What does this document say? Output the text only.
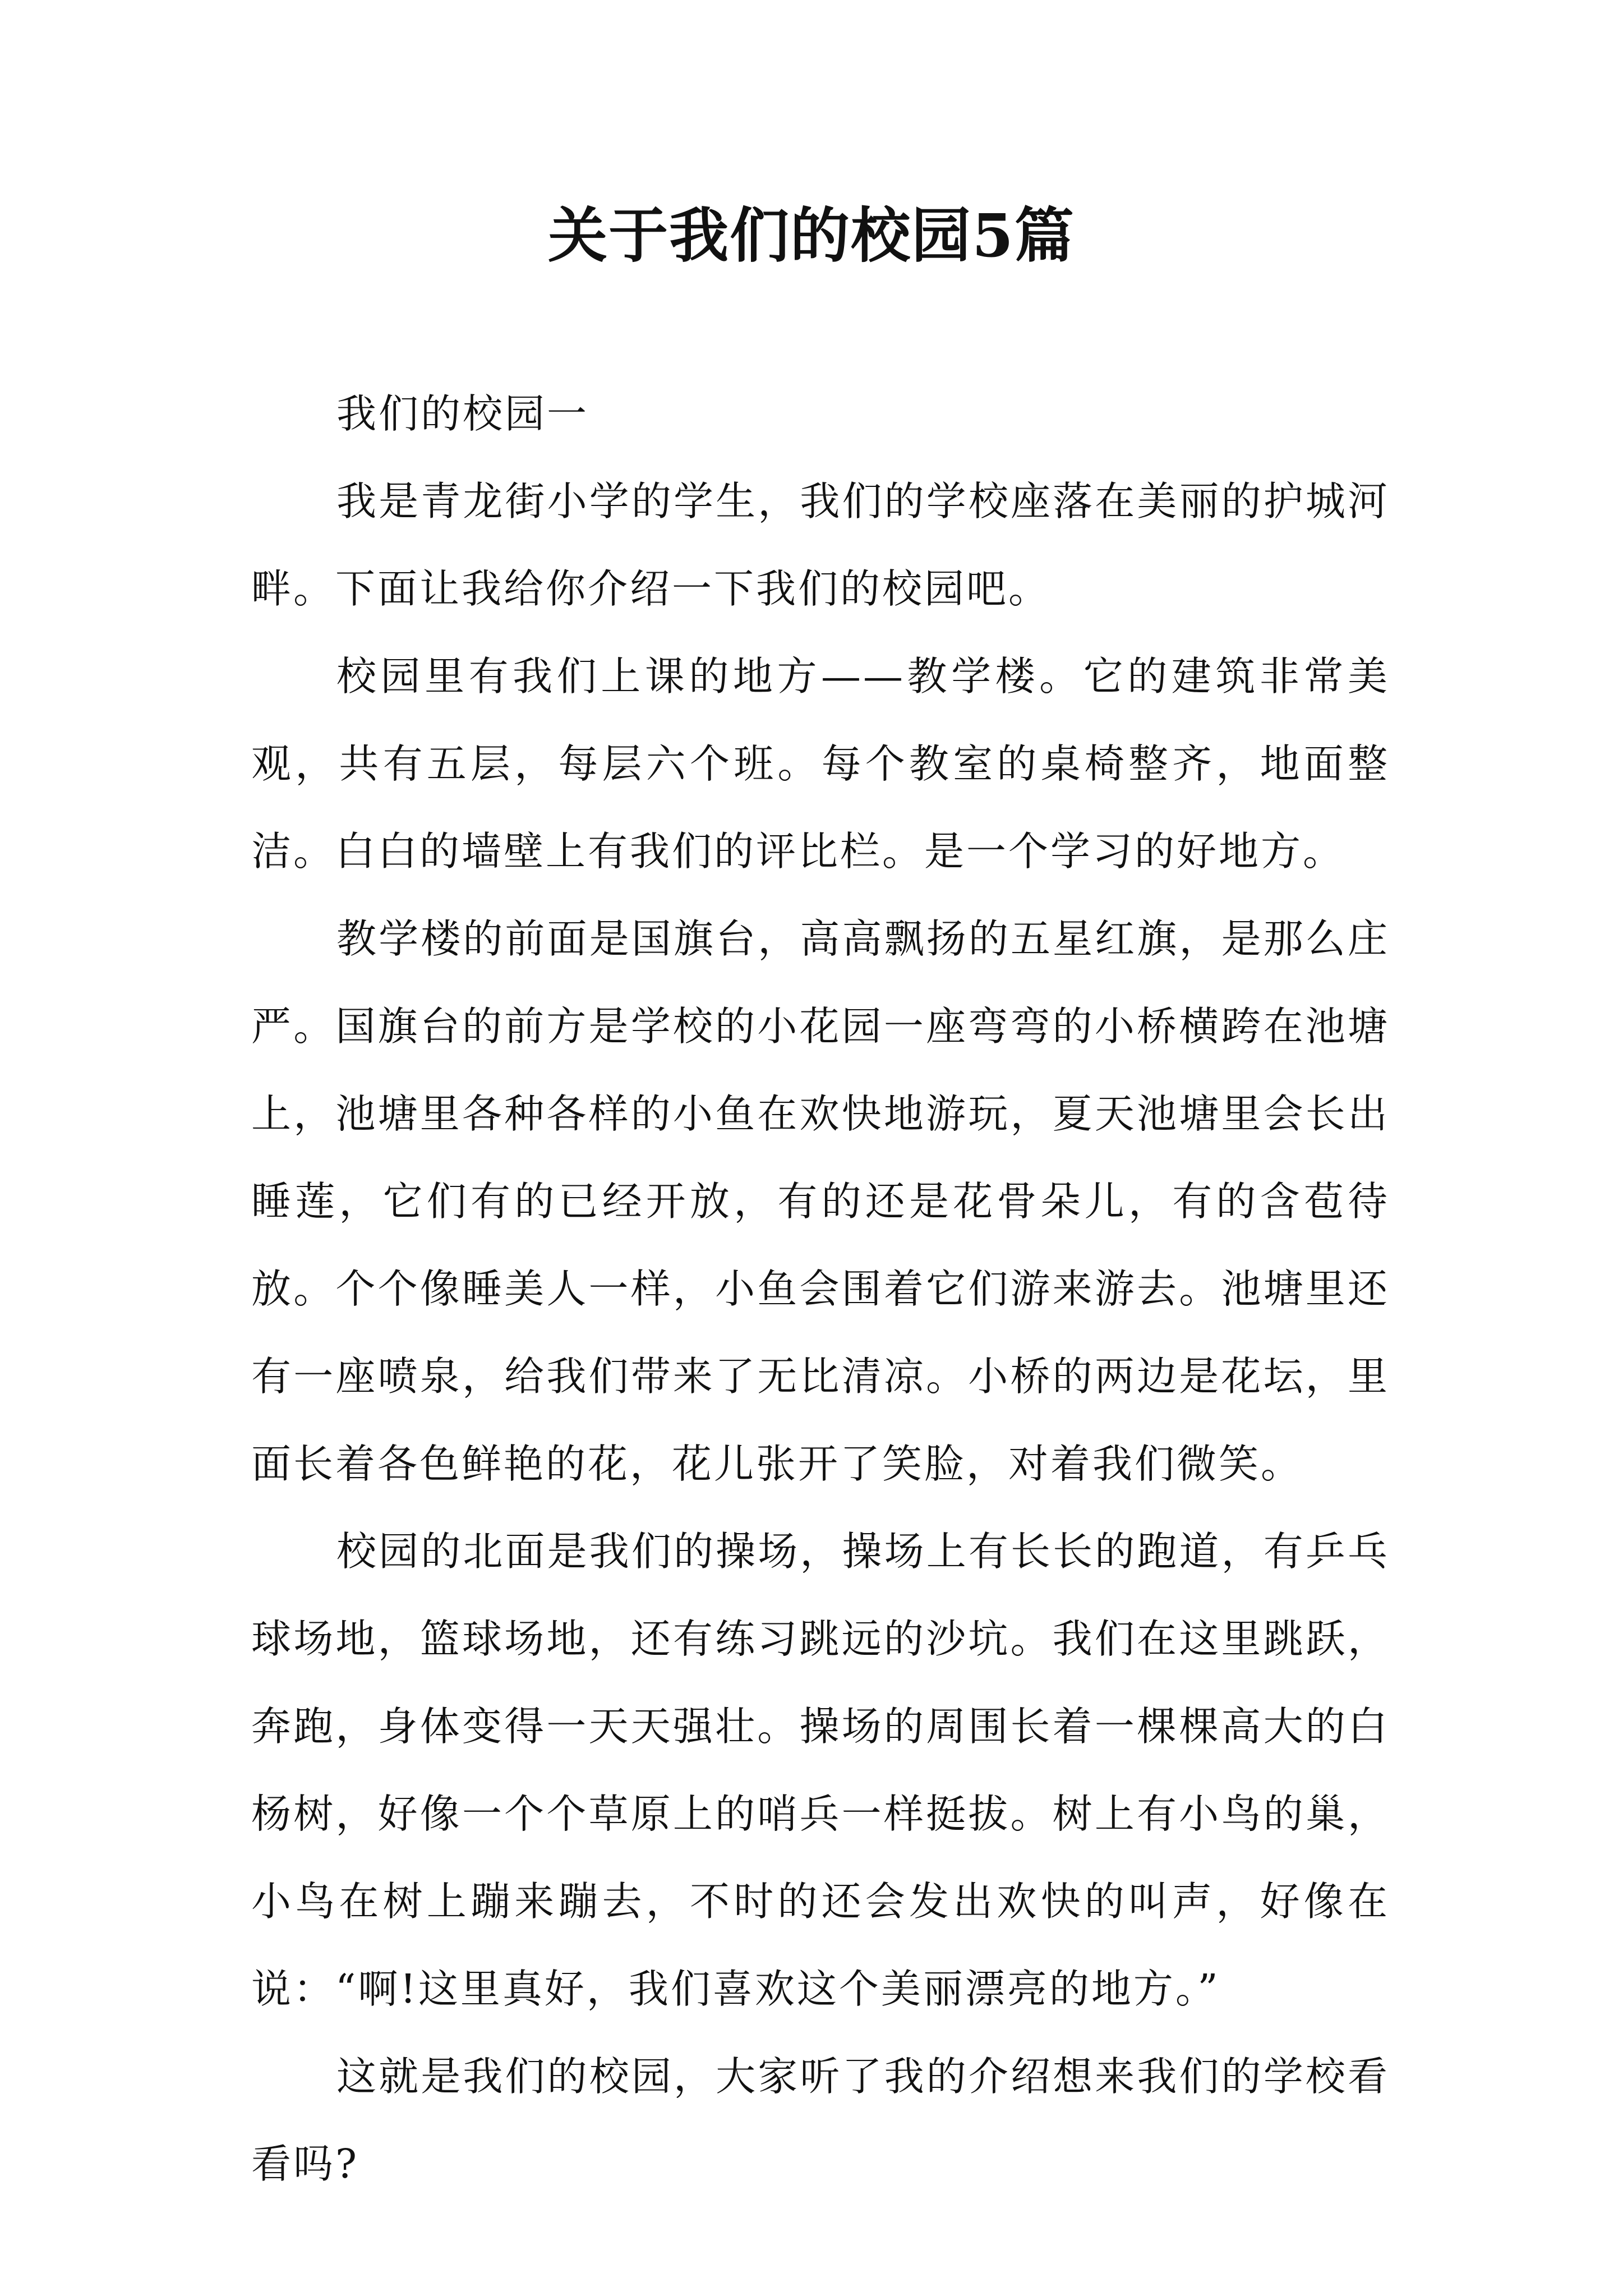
关于我们的校园5篇

我们的校园一

我是青龙街小学的学生，我们的学校座落在美丽的护城河畔。下面让我给你介绍一下我们的校园吧。

校园里有我们上课的地方——教学楼。它的建筑非常美观，共有五层，每层六个班。每个教室的桌椅整齐，地面整洁。白白的墙壁上有我们的评比栏。是一个学习的好地方。

教学楼的前面是国旗台，高高飘扬的五星红旗，是那么庄严。国旗台的前方是学校的小花园一座弯弯的小桥横跨在池塘上，池塘里各种各样的小鱼在欢快地游玩，夏天池塘里会长出睡莲，它们有的已经开放，有的还是花骨朵儿，有的含苞待放。个个像睡美人一样，小鱼会围着它们游来游去。池塘里还有一座喷泉，给我们带来了无比清凉。小桥的两边是花坛，里面长着各色鲜艳的花，花儿张开了笑脸，对着我们微笑。

校园的北面是我们的操场，操场上有长长的跑道，有乒乓球场地，篮球场地，还有练习跳远的沙坑。我们在这里跳跃，奔跑，身体变得一天天强壮。操场的周围长着一棵棵高大的白杨树，好像一个个草原上的哨兵一样挺拔。树上有小鸟的巢，小鸟在树上蹦来蹦去，不时的还会发出欢快的叫声，好像在说：“啊!这里真好，我们喜欢这个美丽漂亮的地方。”

这就是我们的校园，大家听了我的介绍想来我们的学校看看吗?
